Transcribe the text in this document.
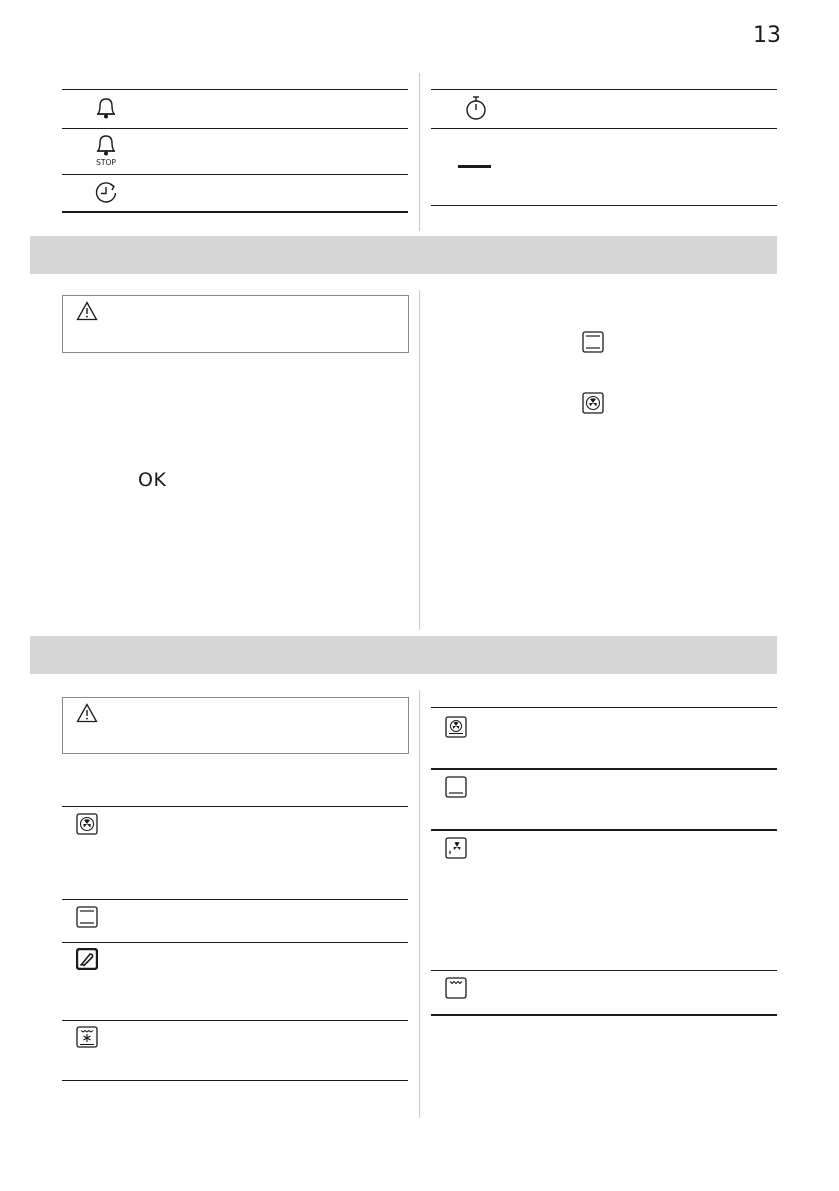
13
STOP
OK
